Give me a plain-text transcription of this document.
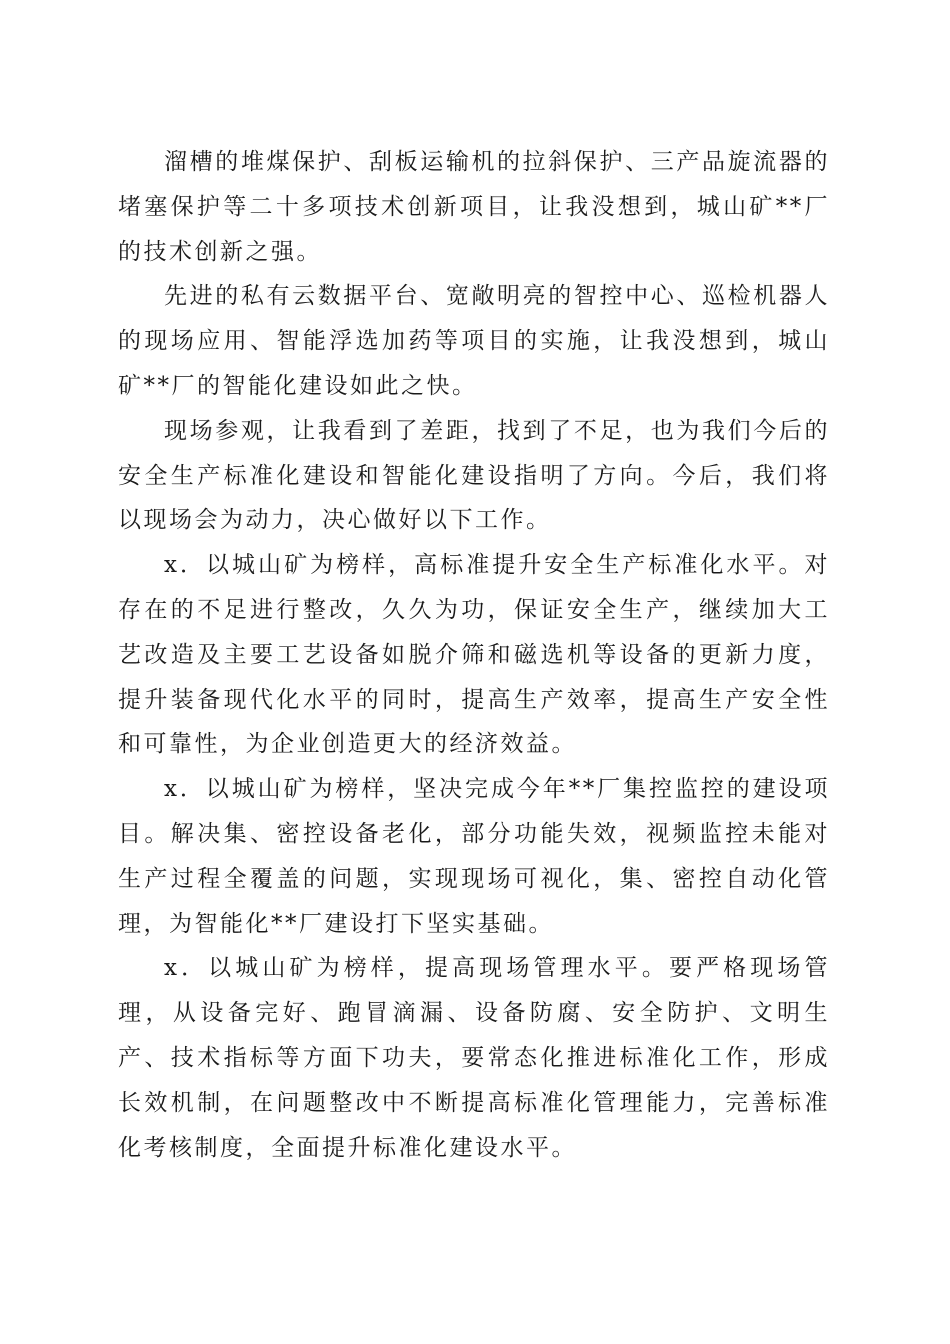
溜槽的堆煤保护、刮板运输机的拉斜保护、三产品旋流器的堵塞保护等二十多项技术创新项目，让我没想到，城山矿**厂的技术创新之强。

先进的私有云数据平台、宽敞明亮的智控中心、巡检机器人的现场应用、智能浮选加药等项目的实施，让我没想到，城山矿**厂的智能化建设如此之快。

现场参观，让我看到了差距，找到了不足，也为我们今后的安全生产标准化建设和智能化建设指明了方向。今后，我们将以现场会为动力，决心做好以下工作。

x．以城山矿为榜样，高标准提升安全生产标准化水平。对存在的不足进行整改，久久为功，保证安全生产，继续加大工艺改造及主要工艺设备如脱介筛和磁选机等设备的更新力度，提升装备现代化水平的同时，提高生产效率，提高生产安全性和可靠性，为企业创造更大的经济效益。

x．以城山矿为榜样，坚决完成今年**厂集控监控的建设项目。解决集、密控设备老化，部分功能失效，视频监控未能对生产过程全覆盖的问题，实现现场可视化，集、密控自动化管理，为智能化**厂建设打下坚实基础。

x．以城山矿为榜样，提高现场管理水平。要严格现场管理，从设备完好、跑冒滴漏、设备防腐、安全防护、文明生产、技术指标等方面下功夫，要常态化推进标准化工作，形成长效机制，在问题整改中不断提高标准化管理能力，完善标准化考核制度，全面提升标准化建设水平。
